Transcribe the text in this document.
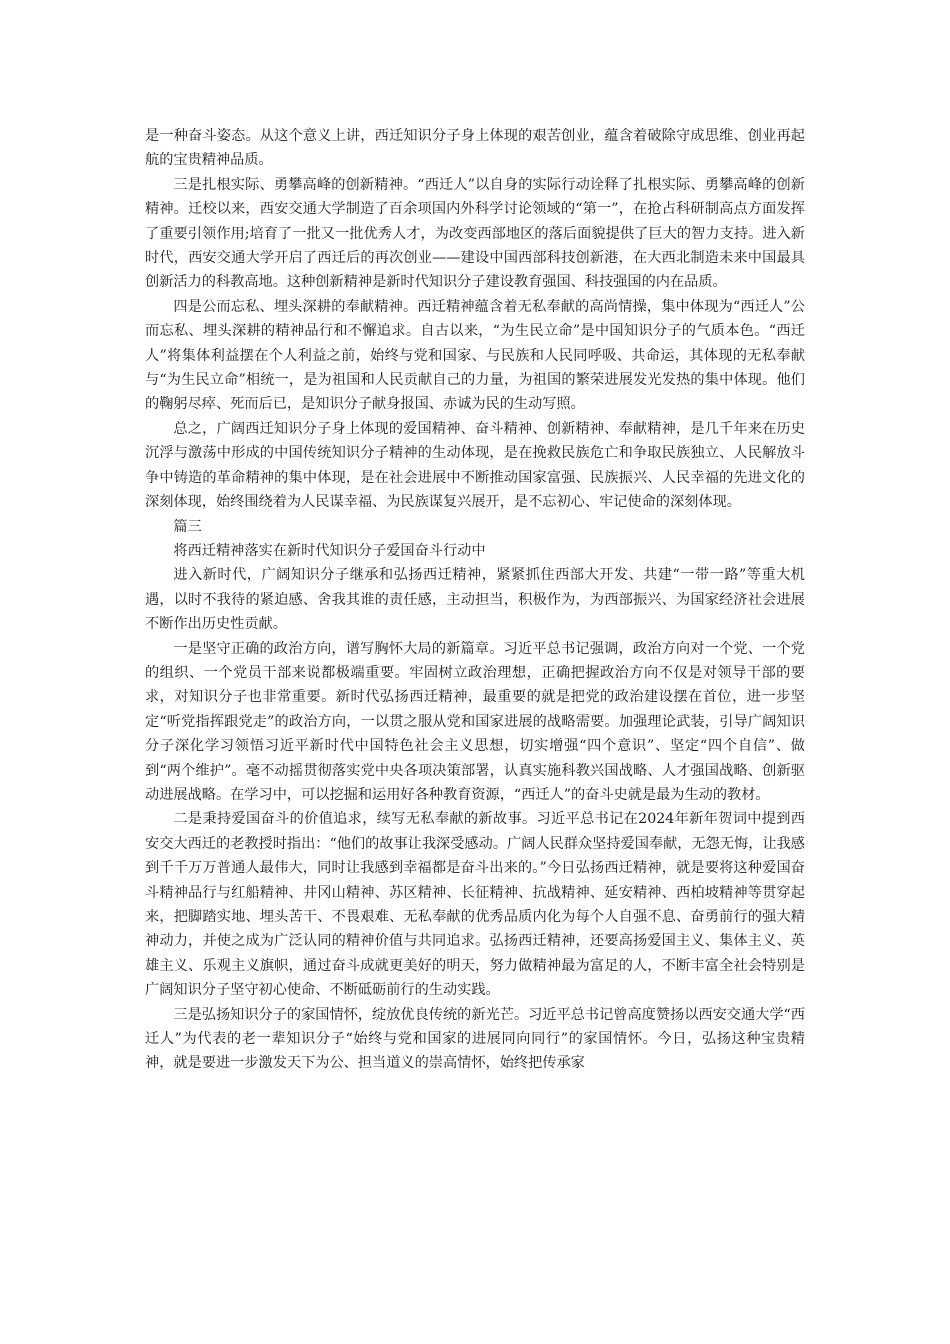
是一种奋斗姿态。从这个意义上讲，西迁知识分子身上体现的艰苦创业，蕴含着破除守成思维、创业再起航的宝贵精神品质。

三是扎根实际、勇攀高峰的创新精神。“西迁人”以自身的实际行动诠释了扎根实际、勇攀高峰的创新精神。迁校以来，西安交通大学制造了百余项国内外科学讨论领域的“第一”，在抢占科研制高点方面发挥了重要引领作用;培育了一批又一批优秀人才，为改变西部地区的落后面貌提供了巨大的智力支持。进入新时代，西安交通大学开启了西迁后的再次创业——建设中国西部科技创新港，在大西北制造未来中国最具创新活力的科教高地。这种创新精神是新时代知识分子建设教育强国、科技强国的内在品质。

四是公而忘私、埋头深耕的奉献精神。西迁精神蕴含着无私奉献的高尚情操，集中体现为“西迁人”公而忘私、埋头深耕的精神品行和不懈追求。自古以来，“为生民立命”是中国知识分子的气质本色。“西迁人”将集体利益摆在个人利益之前，始终与党和国家、与民族和人民同呼吸、共命运，其体现的无私奉献与“为生民立命”相统一，是为祖国和人民贡献自己的力量，为祖国的繁荣进展发光发热的集中体现。他们的鞠躬尽瘁、死而后已，是知识分子献身报国、赤诚为民的生动写照。

总之，广阔西迁知识分子身上体现的爱国精神、奋斗精神、创新精神、奉献精神，是几千年来在历史沉浮与激荡中形成的中国传统知识分子精神的生动体现，是在挽救民族危亡和争取民族独立、人民解放斗争中铸造的革命精神的集中体现，是在社会进展中不断推动国家富强、民族振兴、人民幸福的先进文化的深刻体现，始终围绕着为人民谋幸福、为民族谋复兴展开，是不忘初心、牢记使命的深刻体现。

篇三

将西迁精神落实在新时代知识分子爱国奋斗行动中

进入新时代，广阔知识分子继承和弘扬西迁精神，紧紧抓住西部大开发、共建“一带一路”等重大机遇，以时不我待的紧迫感、舍我其谁的责任感，主动担当，积极作为，为西部振兴、为国家经济社会进展不断作出历史性贡献。

一是坚守正确的政治方向，谱写胸怀大局的新篇章。习近平总书记强调，政治方向对一个党、一个党的组织、一个党员干部来说都极端重要。牢固树立政治理想，正确把握政治方向不仅是对领导干部的要求，对知识分子也非常重要。新时代弘扬西迁精神，最重要的就是把党的政治建设摆在首位，进一步坚定“听党指挥跟党走”的政治方向，一以贯之服从党和国家进展的战略需要。加强理论武装，引导广阔知识分子深化学习领悟习近平新时代中国特色社会主义思想，切实增强“四个意识”、坚定“四个自信”、做到“两个维护”。毫不动摇贯彻落实党中央各项决策部署，认真实施科教兴国战略、人才强国战略、创新驱动进展战略。在学习中，可以挖掘和运用好各种教育资源，“西迁人”的奋斗史就是最为生动的教材。

二是秉持爱国奋斗的价值追求，续写无私奉献的新故事。习近平总书记在2024年新年贺词中提到西安交大西迁的老教授时指出：“他们的故事让我深受感动。广阔人民群众坚持爱国奉献，无怨无悔，让我感到千千万万普通人最伟大，同时让我感到幸福都是奋斗出来的。”今日弘扬西迁精神，就是要将这种爱国奋斗精神品行与红船精神、井冈山精神、苏区精神、长征精神、抗战精神、延安精神、西柏坡精神等贯穿起来，把脚踏实地、埋头苦干、不畏艰难、无私奉献的优秀品质内化为每个人自强不息、奋勇前行的强大精神动力，并使之成为广泛认同的精神价值与共同追求。弘扬西迁精神，还要高扬爱国主义、集体主义、英雄主义、乐观主义旗帜，通过奋斗成就更美好的明天，努力做精神最为富足的人，不断丰富全社会特别是广阔知识分子坚守初心使命、不断砥砺前行的生动实践。

三是弘扬知识分子的家国情怀，绽放优良传统的新光芒。习近平总书记曾高度赞扬以西安交通大学“西迁人”为代表的老一辈知识分子“始终与党和国家的进展同向同行”的家国情怀。今日，弘扬这种宝贵精神，就是要进一步激发天下为公、担当道义的崇高情怀，始终把传承家
